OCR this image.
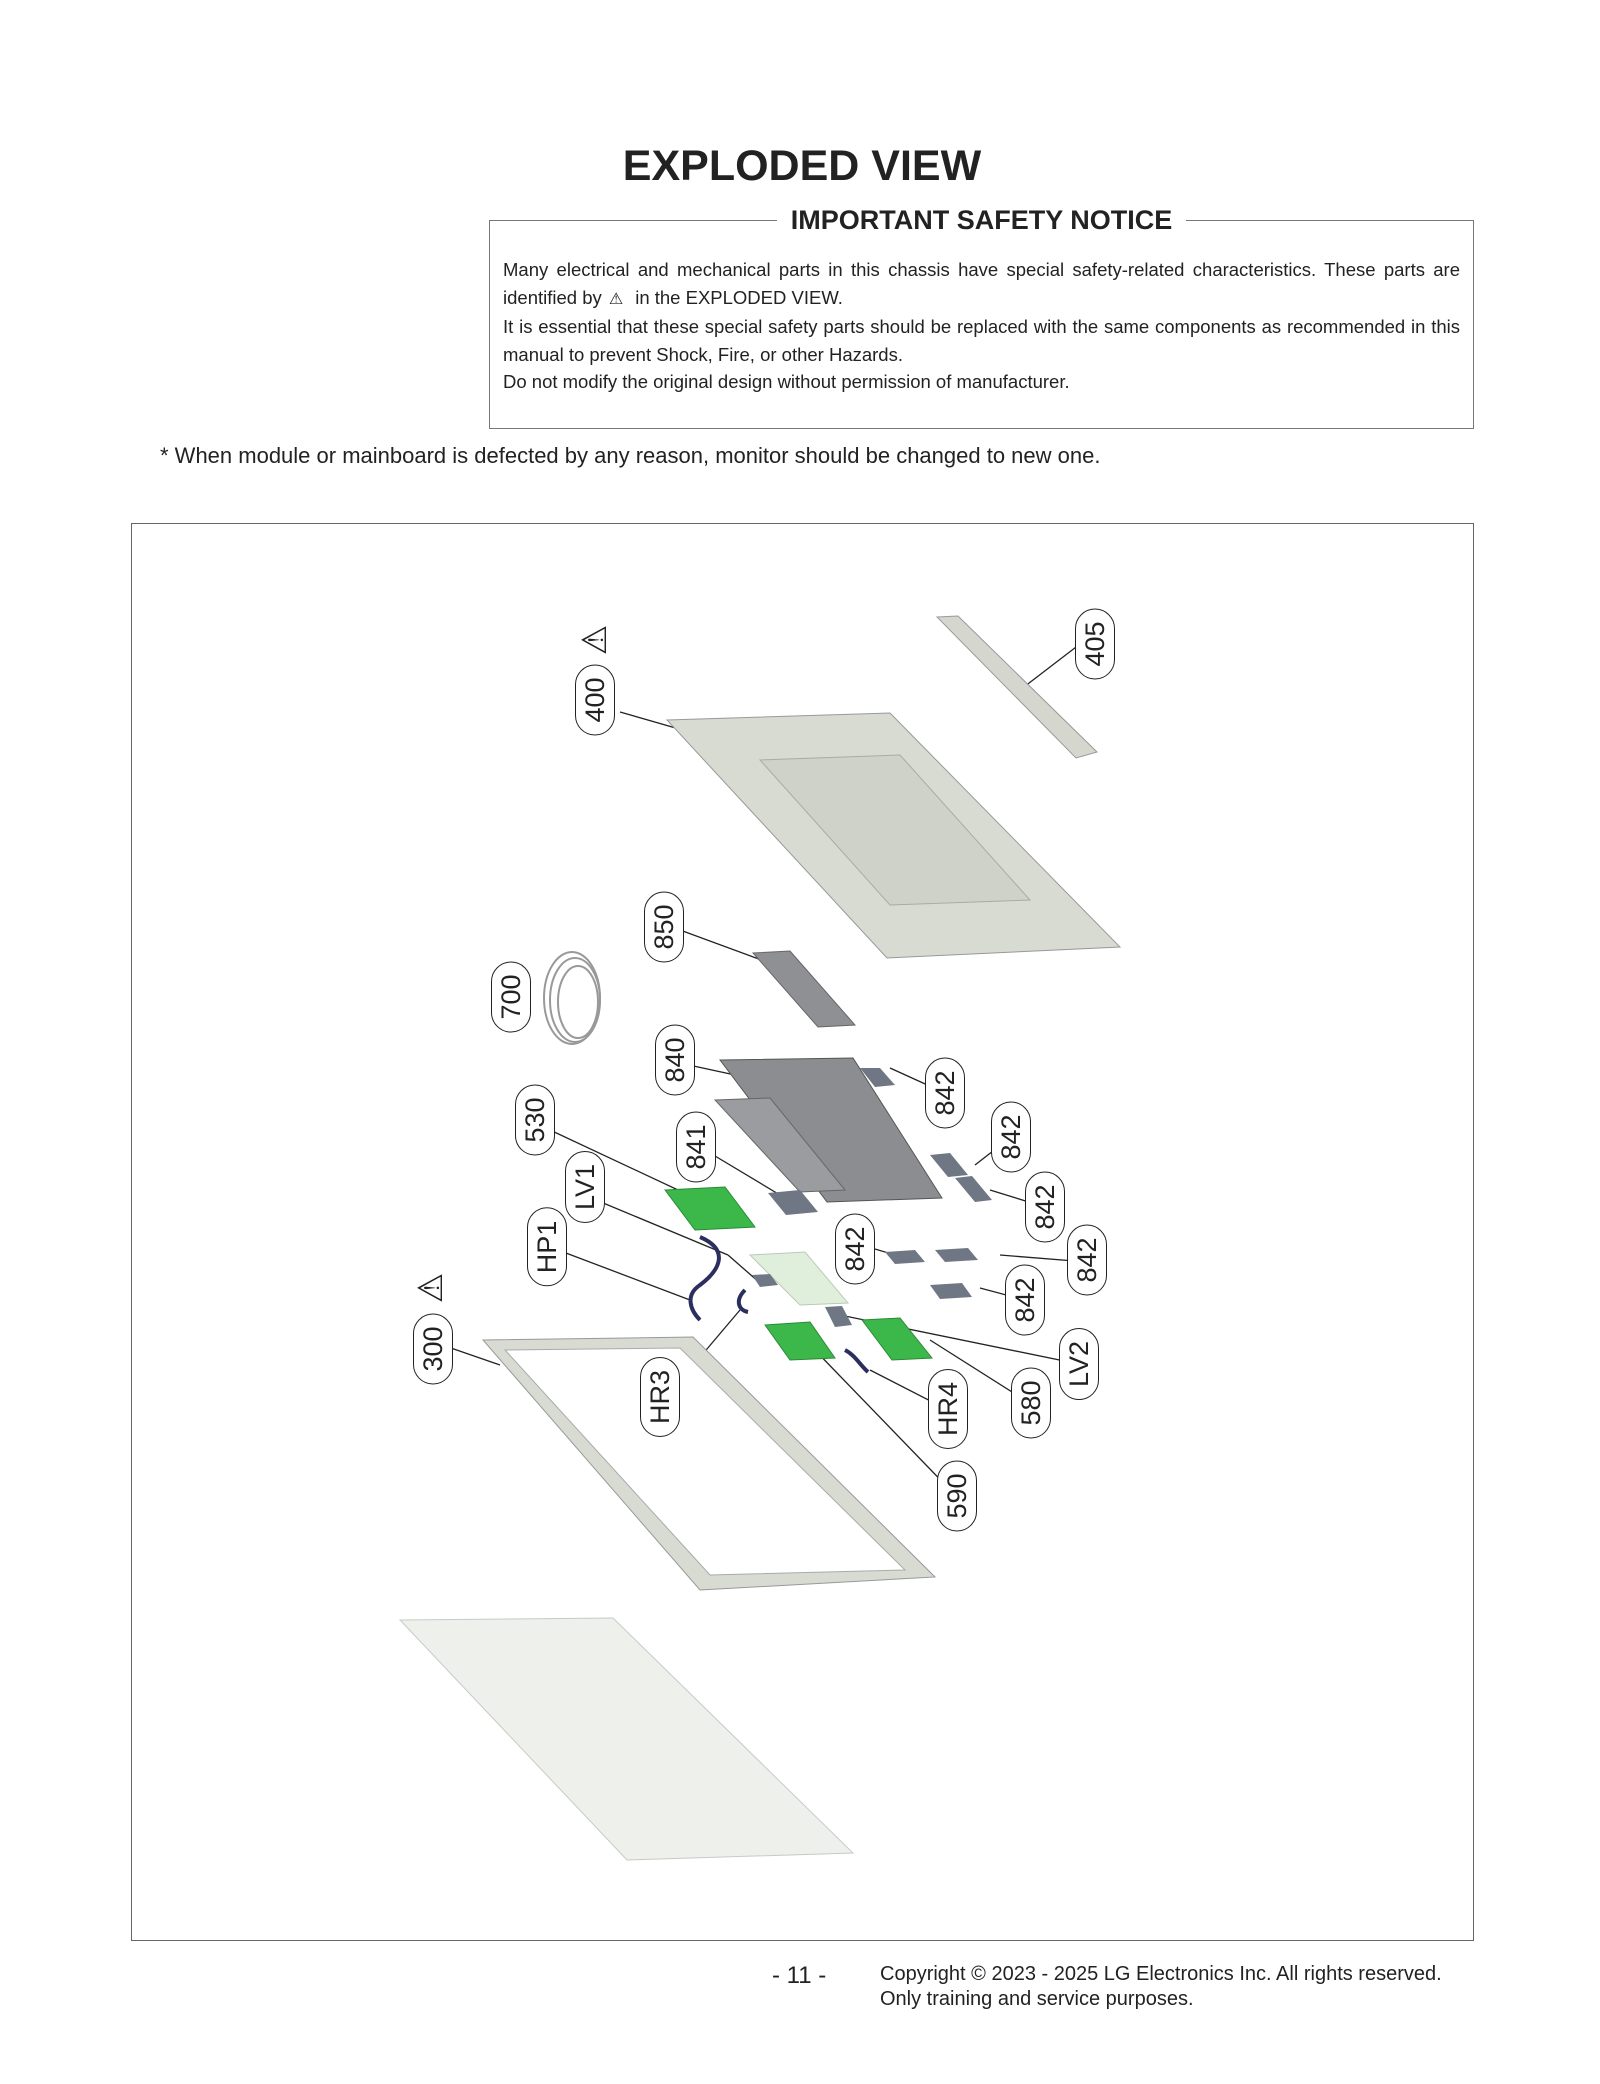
EXPLODED VIEW
IMPORTANT SAFETY NOTICE

Many electrical and mechanical parts in this chassis have special safety-related characteristics. These parts are identified by ⚠ in the EXPLODED VIEW.

It is essential that these special safety parts should be replaced with the same components as recommended in this manual to prevent Shock, Fire, or other Hazards.

Do not modify the original design without permission of manufacturer.

* When module or mainboard is defected by any reason, monitor should be changed to new one.
⚠
⚠
400
405
850
700
840
842
530	842
841
LV1	842
HP1	842	842
842
300	LV2
HR3	HR4 580
590
- 11 -	Copyright © 2023 - 2025 LG Electronics Inc. All rights reserved.
Only training and service purposes.
